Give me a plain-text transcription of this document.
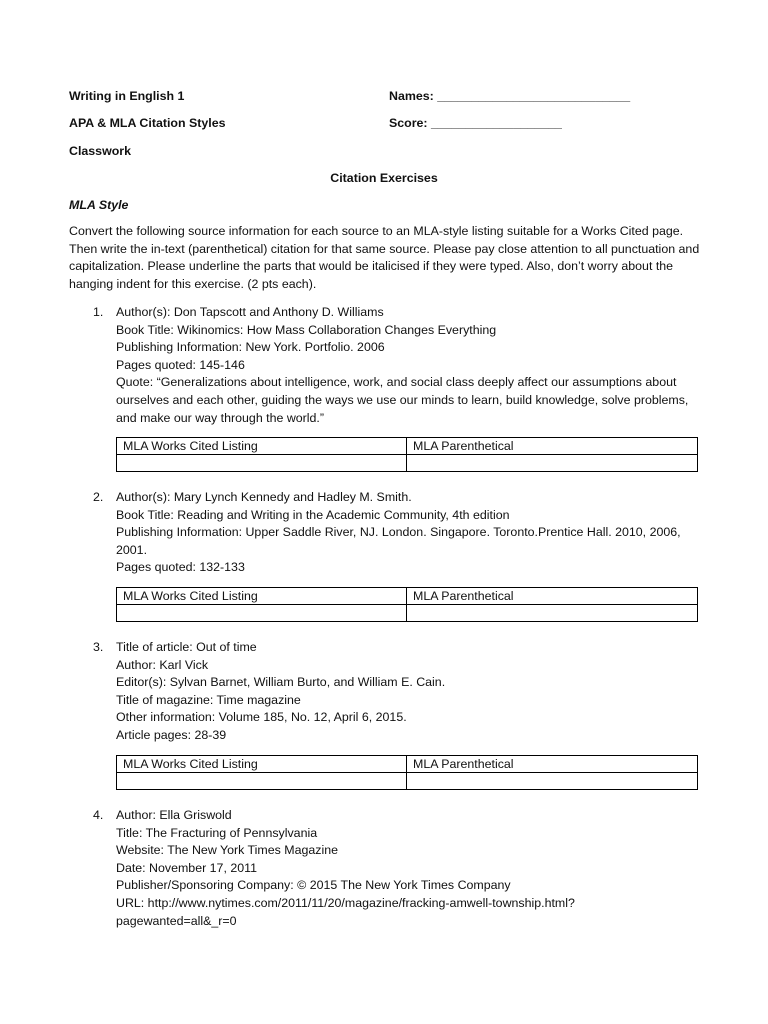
Writing in English 1
APA & MLA Citation Styles
Classwork
Names: ____________________________
Score: ___________________
Citation Exercises
MLA Style
Convert the following source information for each source to an MLA-style listing suitable for a Works Cited page. Then write the in-text (parenthetical) citation for that same source. Please pay close attention to all punctuation and capitalization. Please underline the parts that would be italicised if they were typed. Also, don’t worry about the hanging indent for this exercise. (2 pts each).
1. Author(s): Don Tapscott and Anthony D. Williams
Book Title: Wikinomics: How Mass Collaboration Changes Everything
Publishing Information: New York. Portfolio. 2006
Pages quoted: 145-146
Quote: “Generalizations about intelligence, work, and social class deeply affect our assumptions about ourselves and each other, guiding the ways we use our minds to learn, build knowledge, solve problems, and make our way through the world.”
MLA Works Cited Listing	MLA Parenthetical

2. Author(s): Mary Lynch Kennedy and Hadley M. Smith.
Book Title: Reading and Writing in the Academic Community, 4th edition
Publishing Information: Upper Saddle River, NJ. London. Singapore. Toronto.Prentice Hall. 2010, 2006, 2001.
Pages quoted: 132-133
MLA Works Cited Listing	MLA Parenthetical

3. Title of article: Out of time
Author: Karl Vick
Editor(s): Sylvan Barnet, William Burto, and William E. Cain.
Title of magazine: Time magazine
Other information: Volume 185, No. 12, April 6, 2015.
Article pages: 28-39
MLA Works Cited Listing	MLA Parenthetical

4. Author: Ella Griswold
Title: The Fracturing of Pennsylvania
Website: The New York Times Magazine
Date: November 17, 2011
Publisher/Sponsoring Company: © 2015 The New York Times Company
URL: http://www.nytimes.com/2011/11/20/magazine/fracking-amwell-township.html?
pagewanted=all&_r=0
